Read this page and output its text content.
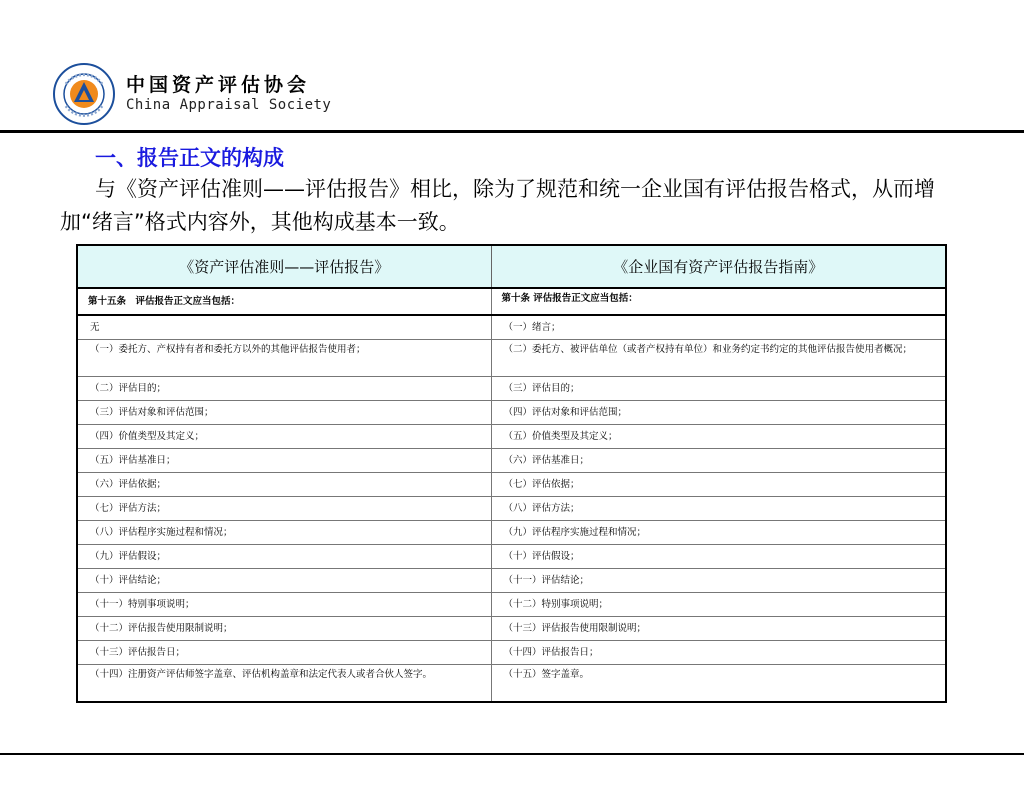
中国资产评估协会
China Appraisal Society
一、报告正文的构成
与《资产评估准则——评估报告》相比，除为了规范和统一企业国有评估报告格式，从而增加“绪言”格式内容外，其他构成基本一致。
《资产评估准则——评估报告》	《企业国有资产评估报告指南》
第十五条　评估报告正文应当包括：	第十条 评估报告正文应当包括：
无	（一）绪言；
（一）委托方、产权持有者和委托方以外的其他评估报告使用者；	（二）委托方、被评估单位（或者产权持有单位）和业务约定书约定的其他评估报告使用者概况；
（二）评估目的；	（三）评估目的；
（三）评估对象和评估范围；	（四）评估对象和评估范围；
（四）价值类型及其定义；	（五）价值类型及其定义；
（五）评估基准日；	（六）评估基准日；
（六）评估依据；	（七）评估依据；
（七）评估方法；	（八）评估方法；
（八）评估程序实施过程和情况；	（九）评估程序实施过程和情况；
（九）评估假设；	（十）评估假设；
（十）评估结论；	（十一）评估结论；
（十一）特别事项说明；	（十二）特别事项说明；
（十二）评估报告使用限制说明；	（十三）评估报告使用限制说明；
（十三）评估报告日；	（十四）评估报告日；
（十四）注册资产评估师签字盖章、评估机构盖章和法定代表人或者合伙人签字。	（十五）签字盖章。
